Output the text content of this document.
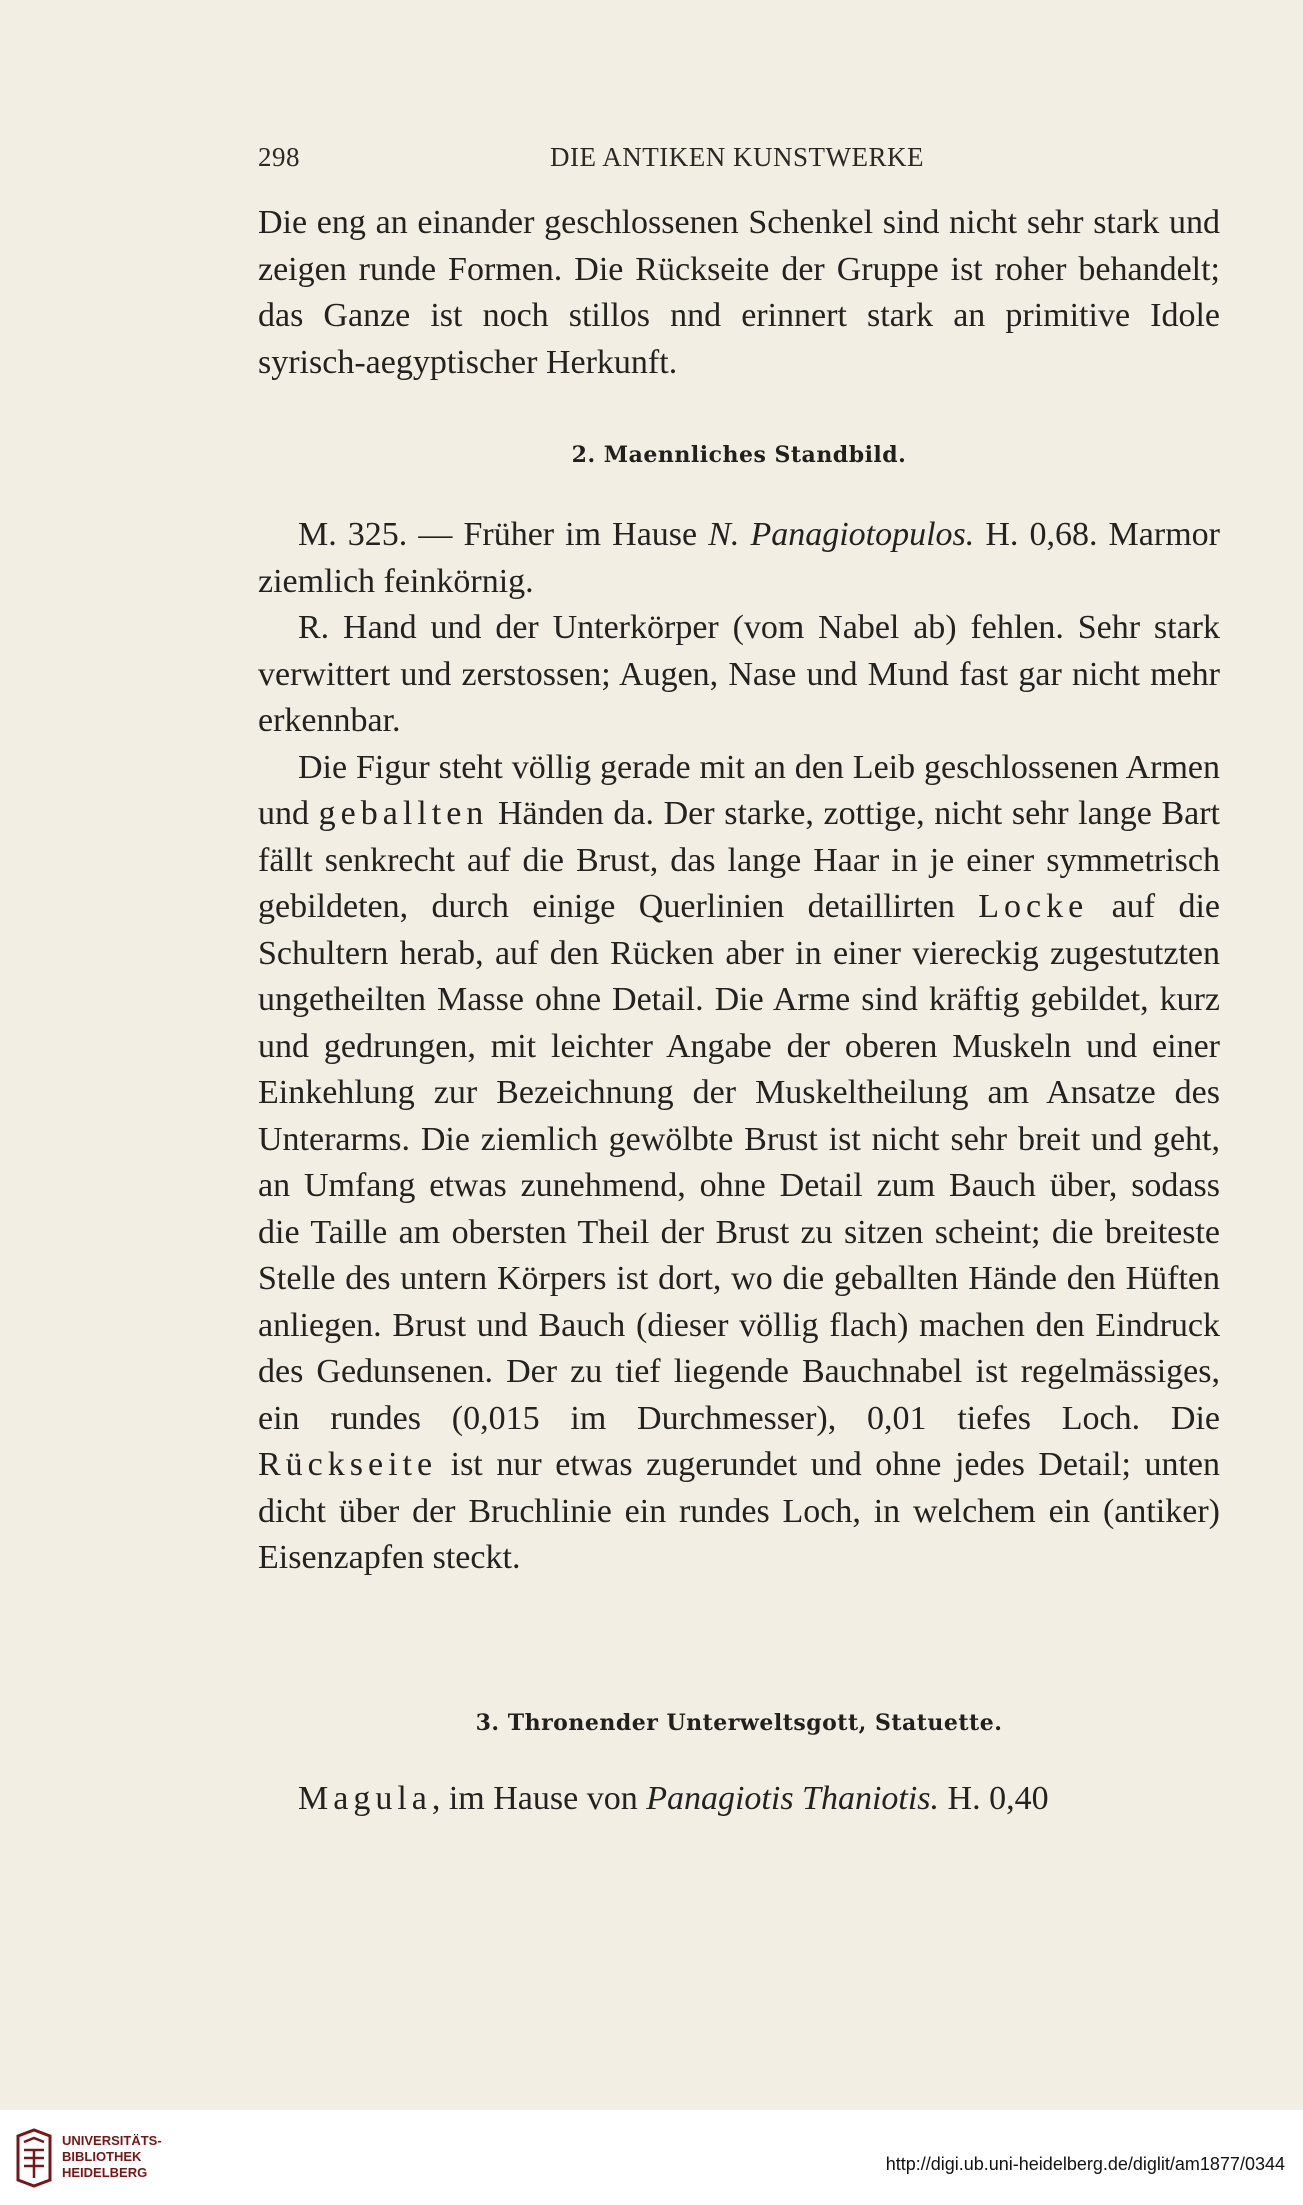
298	DIE ANTIKEN KUNSTWERKE

Die eng an einander geschlossenen Schenkel sind nicht sehr stark und zeigen runde Formen. Die Rückseite der Gruppe ist roher behandelt; das Ganze ist noch stillos nnd erinnert stark an primitive Idole syrisch-aegyptischer Herkunft.

2. Maennliches Standbild.

M. 325. — Früher im Hause N. Panagiotopulos. H. 0,68. Marmor ziemlich feinkörnig.

R. Hand und der Unterkörper (vom Nabel ab) fehlen. Sehr stark verwittert und zerstossen; Augen, Nase und Mund fast gar nicht mehr erkennbar.

Die Figur steht völlig gerade mit an den Leib geschlossenen Armen und geballten Händen da. Der starke, zottige, nicht sehr lange Bart fällt senkrecht auf die Brust, das lange Haar in je einer symmetrisch gebildeten, durch einige Querlinien detaillirten Locke auf die Schultern herab, auf den Rücken aber in einer viereckig zugestutzten ungetheilten Masse ohne Detail. Die Arme sind kräftig gebildet, kurz und gedrungen, mit leichter Angabe der oberen Muskeln und einer Einkehlung zur Bezeichnung der Muskeltheilung am Ansatze des Unterarms. Die ziemlich gewölbte Brust ist nicht sehr breit und geht, an Umfang etwas zunehmend, ohne Detail zum Bauch über, sodass die Taille am obersten Theil der Brust zu sitzen scheint; die breiteste Stelle des untern Körpers ist dort, wo die geballten Hände den Hüften anliegen. Brust und Bauch (dieser völlig flach) machen den Eindruck des Gedunsenen. Der zu tief liegende Bauchnabel ist regelmässiges, ein rundes (0,015 im Durchmesser), 0,01 tiefes Loch. Die Rückseite ist nur etwas zugerundet und ohne jedes Detail; unten dicht über der Bruchlinie ein rundes Loch, in welchem ein (antiker) Eisenzapfen steckt.

3. Thronender Unterweltsgott, Statuette.

Magula, im Hause von Panagiotis Thaniotis. H. 0,40

UNIVERSITÄTS-
BIBLIOTHEK
HEIDELBERG	http://digi.ub.uni-heidelberg.de/diglit/am1877/0344
